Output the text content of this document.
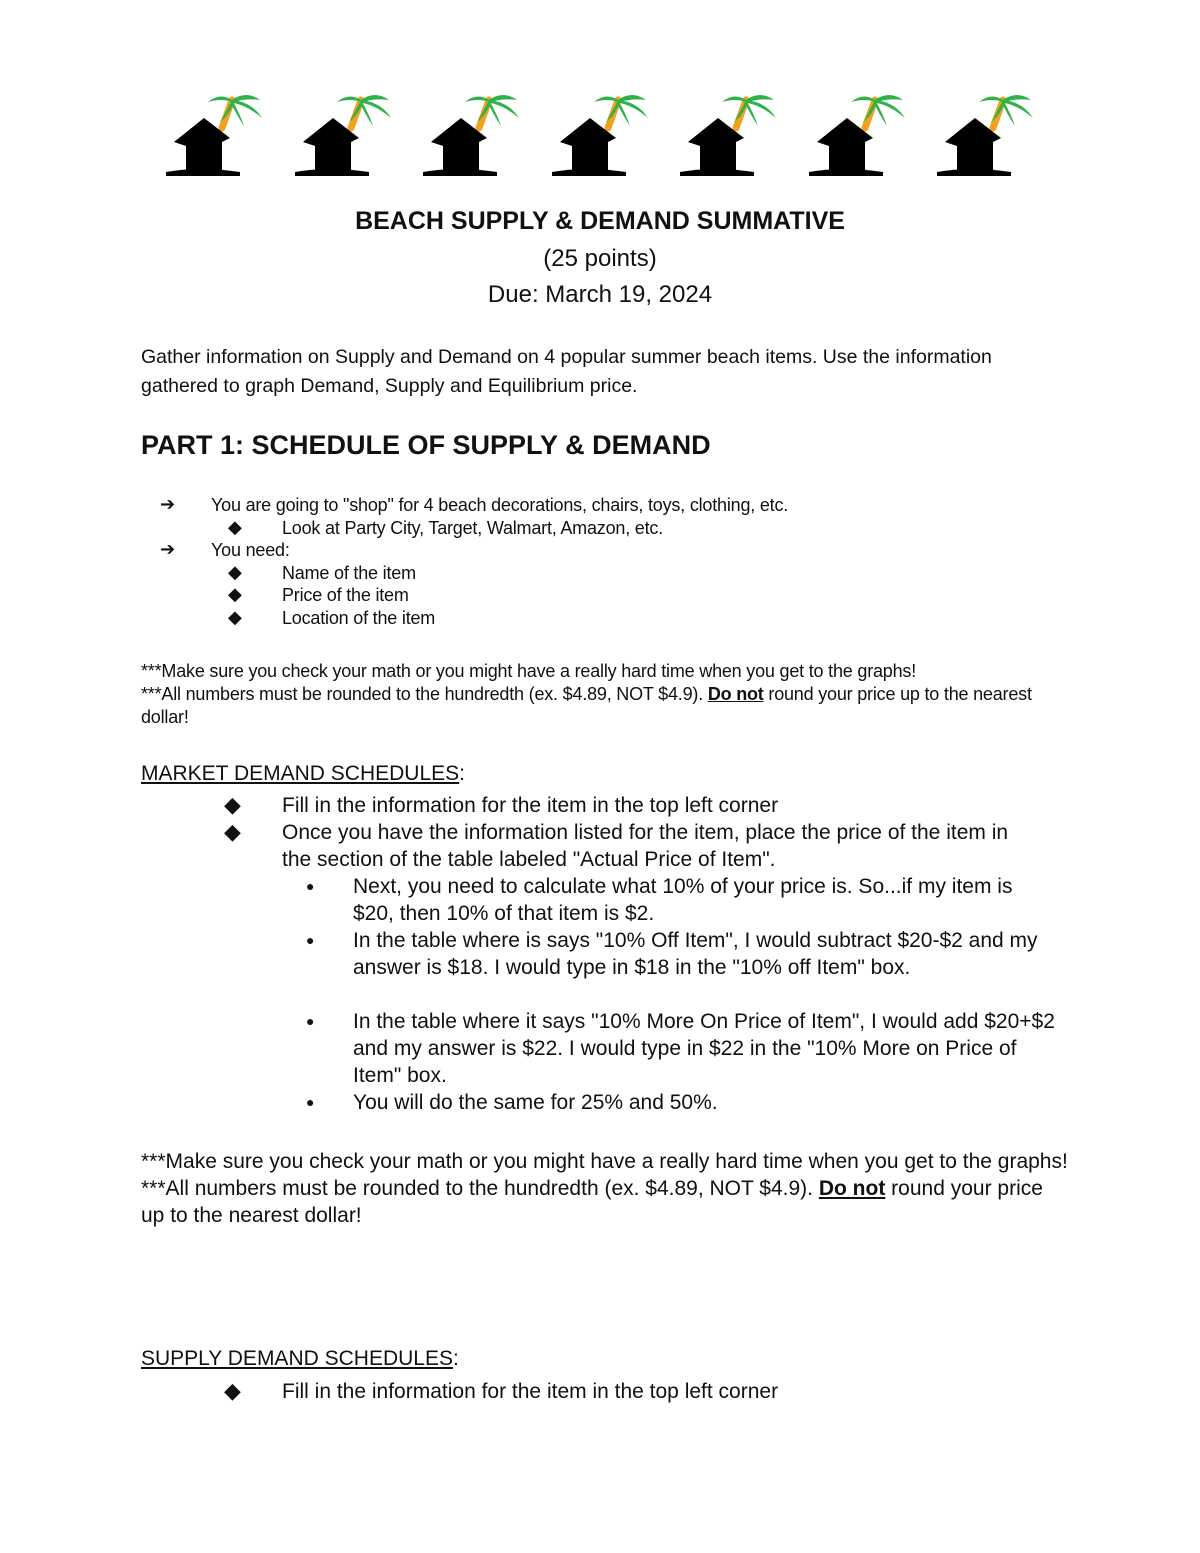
BEACH SUPPLY & DEMAND SUMMATIVE
(25 points)
Due: March 19, 2024
Gather information on Supply and Demand on 4 popular summer beach items. Use the information gathered to graph Demand, Supply and Equilibrium price.
PART 1: SCHEDULE OF SUPPLY & DEMAND
➔ You are going to "shop" for 4 beach decorations, chairs, toys, clothing, etc.
◆ Look at Party City, Target, Walmart, Amazon, etc.
➔ You need:
◆ Name of the item
◆ Price of the item
◆ Location of the item
***Make sure you check your math or you might have a really hard time when you get to the graphs!
***All numbers must be rounded to the hundredth (ex. $4.89, NOT $4.9). Do not round your price up to the nearest dollar!
MARKET DEMAND SCHEDULES:
◆ Fill in the information for the item in the top left corner
◆ Once you have the information listed for the item, place the price of the item in the section of the table labeled "Actual Price of Item".
● Next, you need to calculate what 10% of your price is. So...if my item is $20, then 10% of that item is $2.
● In the table where is says "10% Off Item", I would subtract $20-$2 and my answer is $18. I would type in $18 in the "10% off Item" box.
● In the table where it says "10% More On Price of Item", I would add $20+$2 and my answer is $22. I would type in $22 in the "10% More on Price of Item" box.
● You will do the same for 25% and 50%.
***Make sure you check your math or you might have a really hard time when you get to the graphs!
***All numbers must be rounded to the hundredth (ex. $4.89, NOT $4.9). Do not round your price up to the nearest dollar!
SUPPLY DEMAND SCHEDULES:
◆ Fill in the information for the item in the top left corner
